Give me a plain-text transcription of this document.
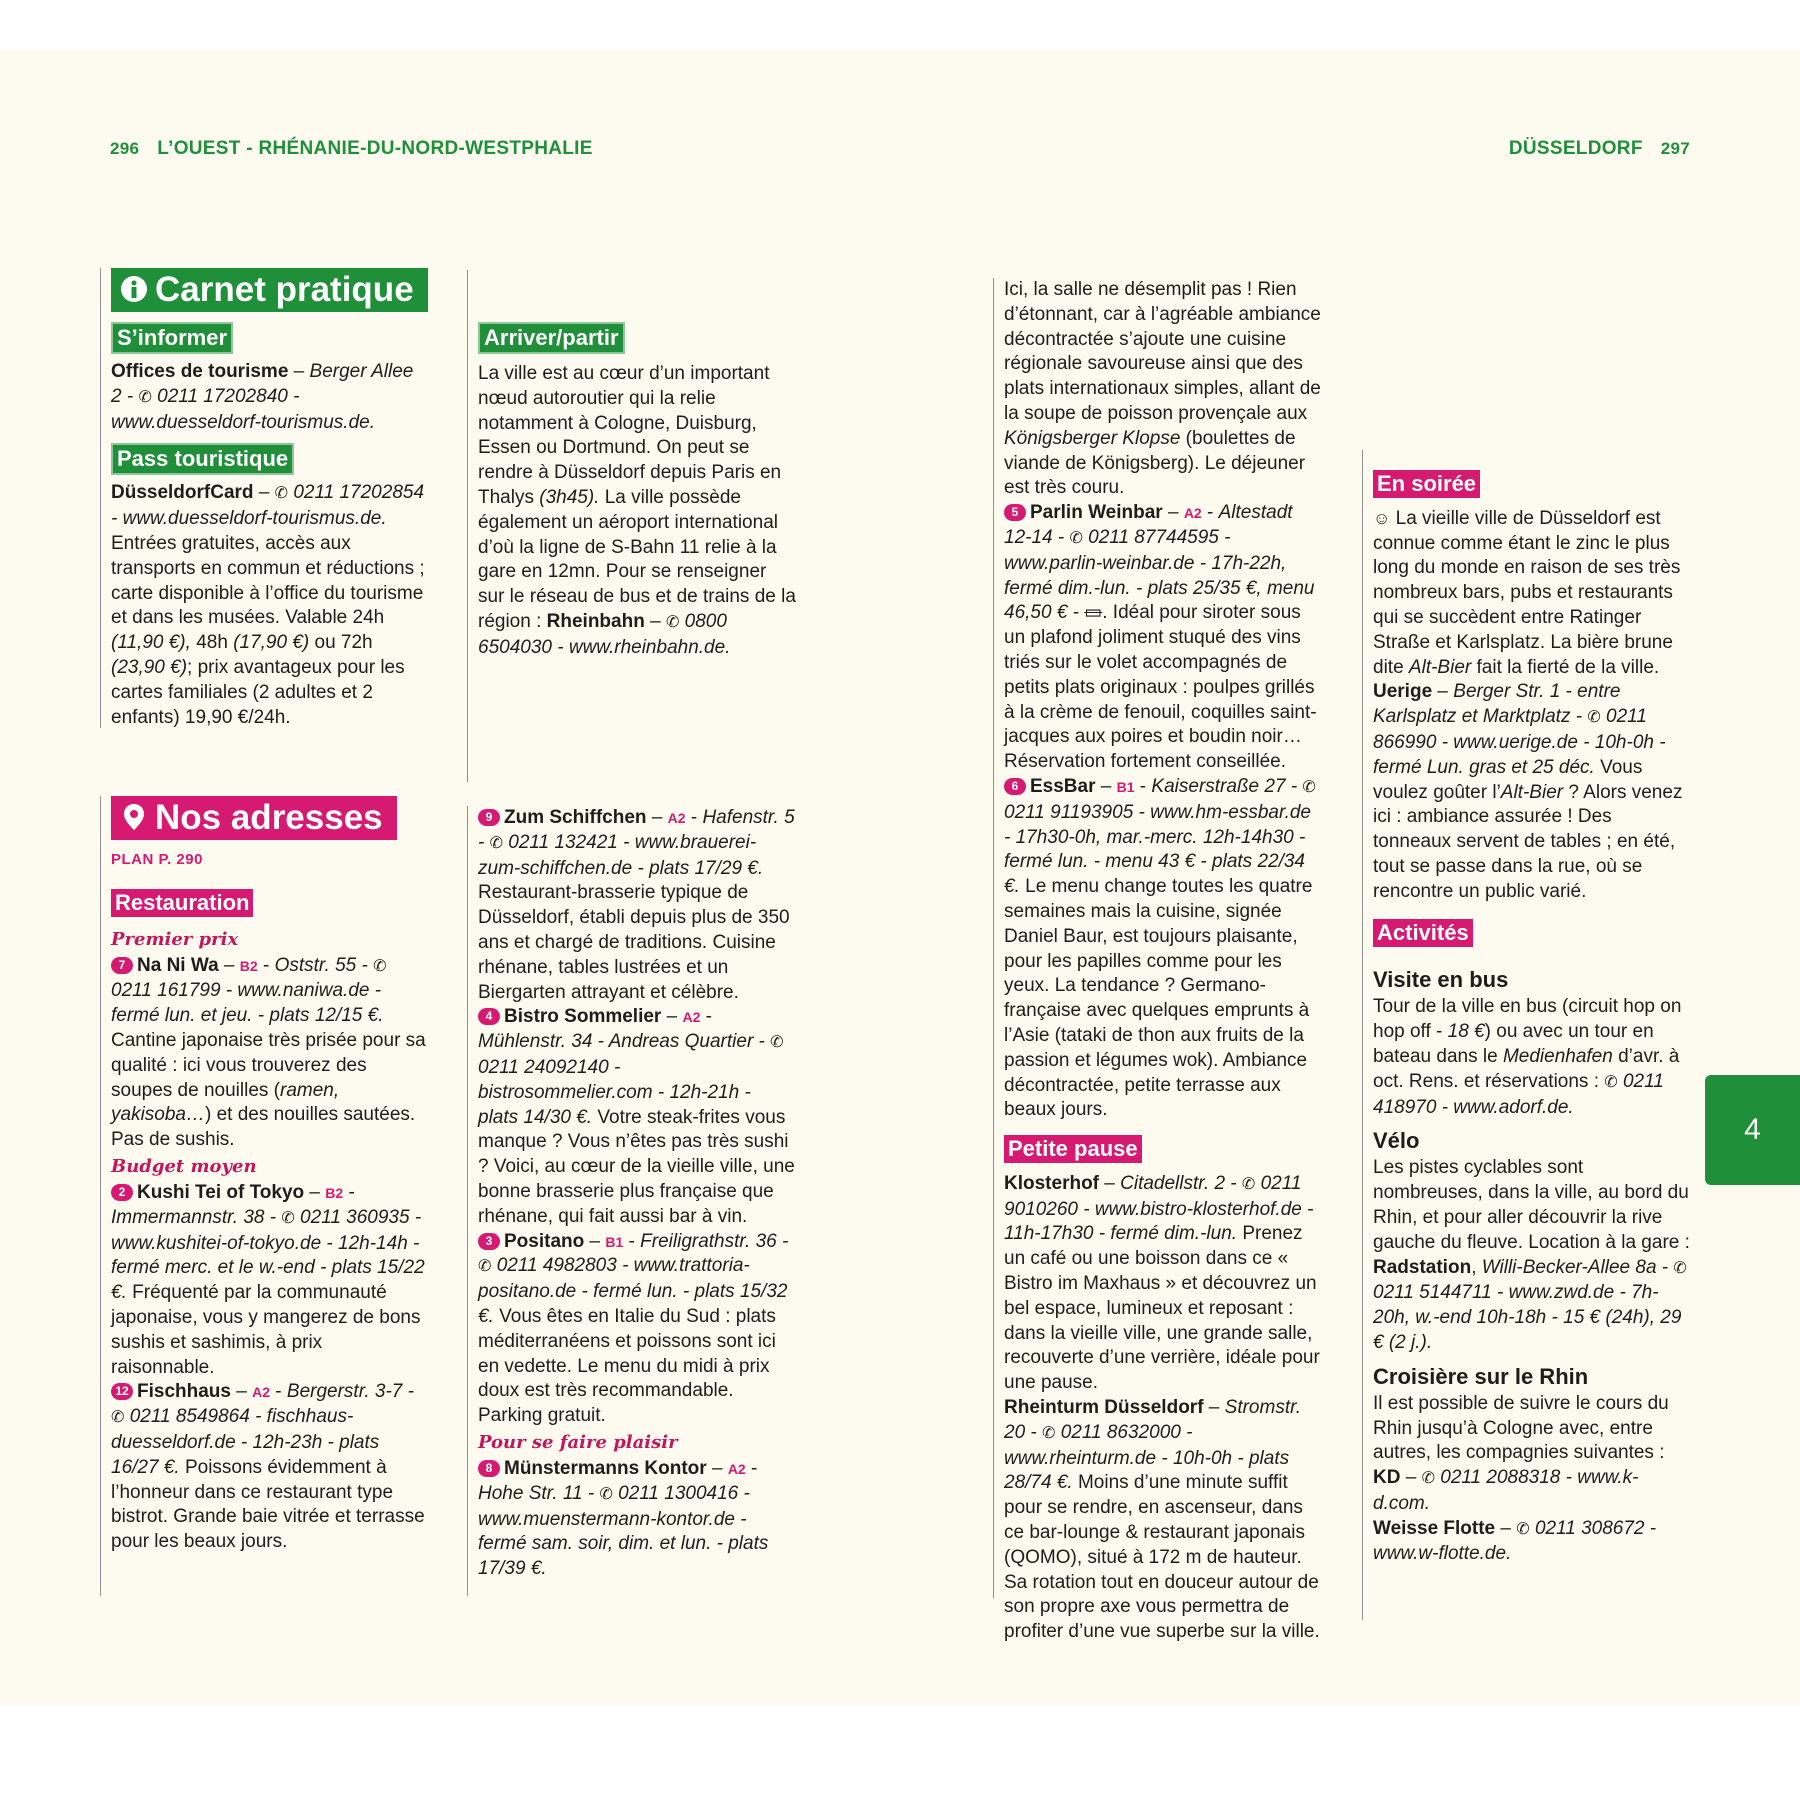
296 L’OUEST - RHÉNANIE-DU-NORD-WESTPHALIE	DÜSSELDORF 297
4
Carnet pratique
S’informer

Offices de tourisme – Berger Allee 2 - ✆ 0211 17202840 - www.duesseldorf-tourismus.de.

Pass touristique

DüsseldorfCard – ✆ 0211 17202854 - www.duesseldorf-tourismus.de. Entrées gratuites, accès aux transports en commun et réductions ; carte disponible à l’office du tourisme et dans les musées. Valable 24h (11,90 €), 48h (17,90 €) ou 72h (23,90 €); prix avantageux pour les cartes familiales (2 adultes et 2 enfants) 19,90 €/24h.

Arriver/partir

La ville est au cœur d’un important nœud autoroutier qui la relie notamment à Cologne, Duisburg, Essen ou Dortmund. On peut se rendre à Düsseldorf depuis Paris en Thalys (3h45). La ville possède également un aéroport international d’où la ligne de S-Bahn 11 relie à la gare en 12mn. Pour se renseigner sur le réseau de bus et de trains de la région : Rheinbahn – ✆ 0800 6504030 - www.rheinbahn.de.

Nos adresses
PLAN P. 290
Restauration
Premier prix

7 Na Ni Wa – B2 - Oststr. 55 - ✆ 0211 161799 - www.naniwa.de - fermé lun. et jeu. - plats 12/15 €. Cantine japonaise très prisée pour sa qualité : ici vous trouverez des soupes de nouilles (ramen, yakisoba…) et des nouilles sautées. Pas de sushis.

Budget moyen

2 Kushi Tei of Tokyo – B2 - Immermannstr. 38 - ✆ 0211 360935 - www.kushitei-of-tokyo.de - 12h-14h - fermé merc. et le w.-end - plats 15/22 €. Fréquenté par la communauté japonaise, vous y mangerez de bons sushis et sashimis, à prix raisonnable.

12 Fischhaus – A2 - Bergerstr. 3-7 - ✆ 0211 8549864 - fischhaus-duesseldorf.de - 12h-23h - plats 16/27 €. Poissons évidemment à l’honneur dans ce restaurant type bistrot. Grande baie vitrée et terrasse pour les beaux jours.

9 Zum Schiffchen – A2 - Hafenstr. 5 - ✆ 0211 132421 - www.brauerei-zum-schiffchen.de - plats 17/29 €. Restaurant-brasserie typique de Düsseldorf, établi depuis plus de 350 ans et chargé de traditions. Cuisine rhénane, tables lustrées et un Biergarten attrayant et célèbre.

4 Bistro Sommelier – A2 - Mühlenstr. 34 - Andreas Quartier - ✆ 0211 24092140 - bistrosommelier.com - 12h-21h - plats 14/30 €. Votre steak-frites vous manque ? Vous n’êtes pas très sushi ? Voici, au cœur de la vieille ville, une bonne brasserie plus française que rhénane, qui fait aussi bar à vin.

3 Positano – B1 - Freiligrathstr. 36 - ✆ 0211 4982803 - www.trattoria-positano.de - fermé lun. - plats 15/32 €. Vous êtes en Italie du Sud : plats méditerranéens et poissons sont ici en vedette. Le menu du midi à prix doux est très recommandable. Parking gratuit.

Pour se faire plaisir

8 Münstermanns Kontor – A2 - Hohe Str. 11 - ✆ 0211 1300416 - www.muenstermann-kontor.de - fermé sam. soir, dim. et lun. - plats 17/39 €.

Ici, la salle ne désemplit pas ! Rien d’étonnant, car à l’agréable ambiance décontractée s’ajoute une cuisine régionale savoureuse ainsi que des plats internationaux simples, allant de la soupe de poisson provençale aux Königsberger Klopse (boulettes de viande de Königsberg). Le déjeuner est très couru.

5 Parlin Weinbar – A2 - Altestadt 12-14 - ✆ 0211 87744595 - www.parlin-weinbar.de - 17h-22h, fermé dim.-lun. - plats 25/35 €, menu 46,50 € - ▭. Idéal pour siroter sous un plafond joliment stuqué des vins triés sur le volet accompagnés de petits plats originaux : poulpes grillés à la crème de fenouil, coquilles saint-jacques aux poires et boudin noir… Réservation fortement conseillée.

6 EssBar – B1 - Kaiserstraße 27 - ✆ 0211 91193905 - www.hm-essbar.de - 17h30-0h, mar.-merc. 12h-14h30 - fermé lun. - menu 43 € - plats 22/34 €. Le menu change toutes les quatre semaines mais la cuisine, signée Daniel Baur, est toujours plaisante, pour les papilles comme pour les yeux. La tendance ? Germano-française avec quelques emprunts à l’Asie (tataki de thon aux fruits de la passion et légumes wok). Ambiance décontractée, petite terrasse aux beaux jours.

Petite pause

Klosterhof – Citadellstr. 2 - ✆ 0211 9010260 - www.bistro-klosterhof.de - 11h-17h30 - fermé dim.-lun. Prenez un café ou une boisson dans ce « Bistro im Maxhaus » et découvrez un bel espace, lumineux et reposant : dans la vieille ville, une grande salle, recouverte d’une verrière, idéale pour une pause.

Rheinturm Düsseldorf – Stromstr. 20 - ✆ 0211 8632000 - www.rheinturm.de - 10h-0h - plats 28/74 €. Moins d’une minute suffit pour se rendre, en ascenseur, dans ce bar-lounge & restaurant japonais (QOMO), situé à 172 m de hauteur. Sa rotation tout en douceur autour de son propre axe vous permettra de profiter d’une vue superbe sur la ville.

En soirée

☺ La vieille ville de Düsseldorf est connue comme étant le zinc le plus long du monde en raison de ses très nombreux bars, pubs et restaurants qui se succèdent entre Ratinger Straße et Karlsplatz. La bière brune dite Alt-Bier fait la fierté de la ville.

Uerige – Berger Str. 1 - entre Karlsplatz et Marktplatz - ✆ 0211 866990 - www.uerige.de - 10h-0h - fermé Lun. gras et 25 déc. Vous voulez goûter l’Alt-Bier ? Alors venez ici : ambiance assurée ! Des tonneaux servent de tables ; en été, tout se passe dans la rue, où se rencontre un public varié.

Activités
Visite en bus

Tour de la ville en bus (circuit hop on hop off - 18 €) ou avec un tour en bateau dans le Medienhafen d’avr. à oct. Rens. et réservations : ✆ 0211 418970 - www.adorf.de.

Vélo

Les pistes cyclables sont nombreuses, dans la ville, au bord du Rhin, et pour aller découvrir la rive gauche du fleuve. Location à la gare : Radstation, Willi-Becker-Allee 8a - ✆ 0211 5144711 - www.zwd.de - 7h-20h, w.-end 10h-18h - 15 € (24h), 29 € (2 j.).

Croisière sur le Rhin

Il est possible de suivre le cours du Rhin jusqu’à Cologne avec, entre autres, les compagnies suivantes : KD – ✆ 0211 2088318 - www.k-d.com.
Weisse Flotte – ✆ 0211 308672 - www.w-flotte.de.
